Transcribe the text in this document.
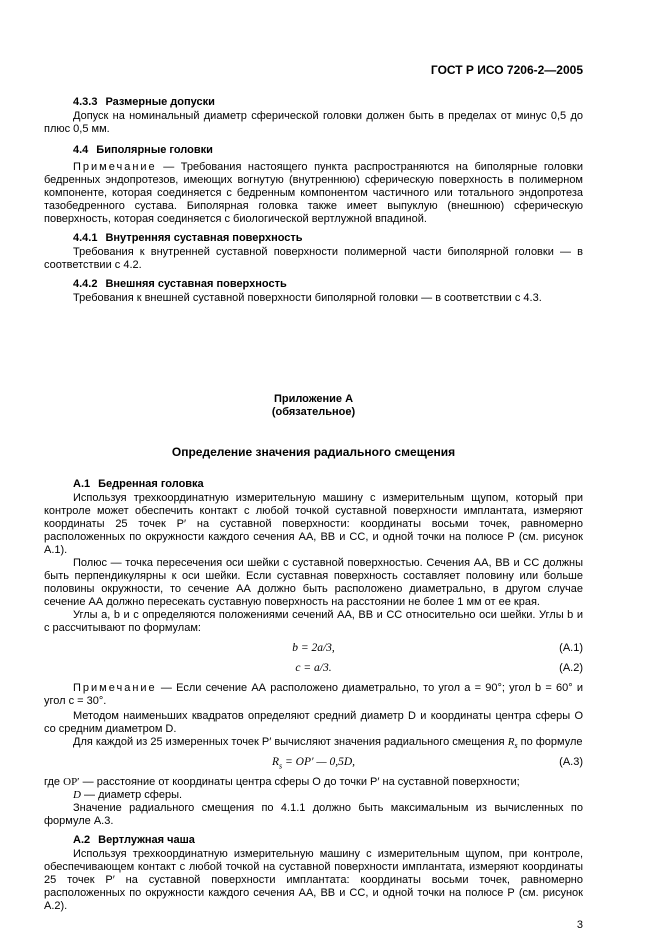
ГОСТ Р ИСО 7206-2—2005

4.3.3 Размерные допуски

Допуск на номинальный диаметр сферической головки должен быть в пределах от минус 0,5 до плюс 0,5 мм.

4.4 Биполярные головки

Примечание — Требования настоящего пункта распространяются на биполярные головки бедренных эндопротезов, имеющих вогнутую (внутреннюю) сферическую поверхность в полимерном компоненте, которая соединяется с бедренным компонентом частичного или тотального эндопротеза тазобедренного сустава. Биполярная головка также имеет выпуклую (внешнюю) сферическую поверхность, которая соединяется с биологической вертлужной впадиной.

4.4.1 Внутренняя суставная поверхность

Требования к внутренней суставной поверхности полимерной части биполярной головки — в соответствии с 4.2.

4.4.2 Внешняя суставная поверхность

Требования к внешней суставной поверхности биполярной головки — в соответствии с 4.3.

Приложение А

(обязательное)

Определение значения радиального смещения

А.1 Бедренная головка

Используя трехкоординатную измерительную машину с измерительным щупом, который при контроле может обеспечить контакт с любой точкой суставной поверхности имплантата, измеряют координаты 25 точек Р′ на суставной поверхности: координаты восьми точек, равномерно расположенных по окружности каждого сечения АА, ВВ и СС, и одной точки на полюсе Р (см. рисунок А.1).

Полюс — точка пересечения оси шейки с суставной поверхностью. Сечения АА, ВВ и СС должны быть перпендикулярны к оси шейки. Если суставная поверхность составляет половину или больше половины окружности, то сечение АА должно быть расположено диаметрально, в другом случае сечение АА должно пересекать суставную поверхность на расстоянии не более 1 мм от ее края.

Углы a, b и c определяются положениями сечений АА, ВВ и СС относительно оси шейки. Углы b и c рассчитывают по формулам:

b = 2a/3,	(А.1)
c = a/3.	(А.2)

Примечание — Если сечение АА расположено диаметрально, то угол a = 90°; угол b = 60° и угол c = 30°.

Методом наименьших квадратов определяют средний диаметр D и координаты центра сферы О со средним диаметром D.

Для каждой из 25 измеренных точек Р′ вычисляют значения радиального смещения $R_s$ по формуле

$R_s = ОР'$ — 0,5D,	(А.3)

где ОР′ — расстояние от координаты центра сферы О до точки Р′ на суставной поверхности;

D — диаметр сферы.

Значение радиального смещения по 4.1.1 должно быть максимальным из вычисленных по формуле А.3.

А.2 Вертлужная чаша

Используя трехкоординатную измерительную машину с измерительным щупом, при контроле, обеспечивающем контакт с любой точкой на суставной поверхности имплантата, измеряют координаты 25 точек Р′ на суставной поверхности имплантата: координаты восьми точек, равномерно расположенных по окружности каждого сечения АА, ВВ и СС, и одной точки на полюсе Р (см. рисунок А.2).

3
